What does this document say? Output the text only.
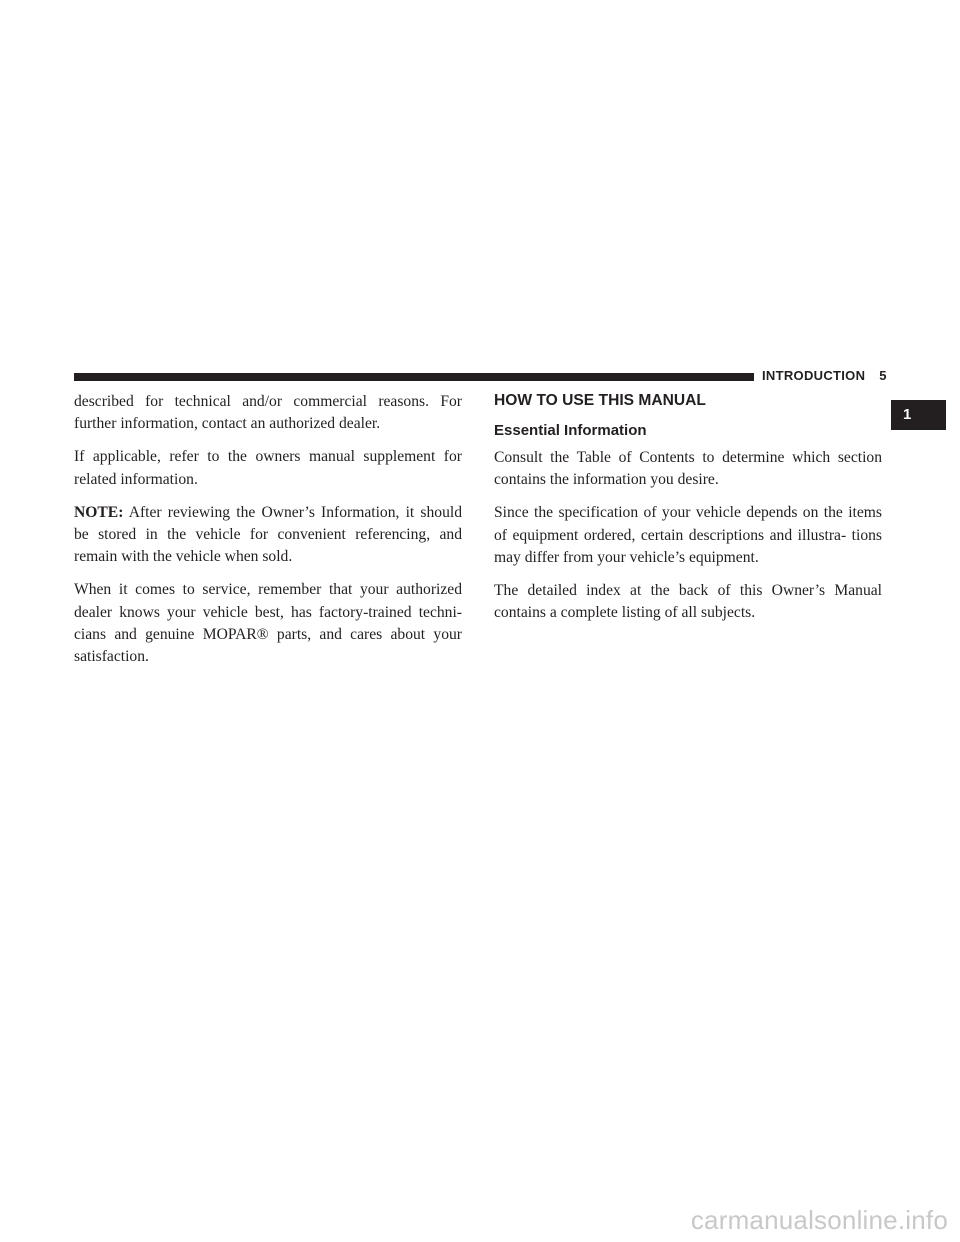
INTRODUCTION 5
1

described for technical and/or commercial reasons. For further information, contact an authorized dealer.

If applicable, refer to the owners manual supplement for related information.

NOTE: After reviewing the Owner’s Information, it should be stored in the vehicle for convenient referencing, and remain with the vehicle when sold.

When it comes to service, remember that your authorized dealer knows your vehicle best, has factory-trained techni- cians and genuine MOPAR® parts, and cares about your satisfaction.

HOW TO USE THIS MANUAL
Essential Information

Consult the Table of Contents to determine which section contains the information you desire.

Since the specification of your vehicle depends on the items of equipment ordered, certain descriptions and illustra- tions may differ from your vehicle’s equipment.

The detailed index at the back of this Owner’s Manual contains a complete listing of all subjects.

carmanualsonline.info
